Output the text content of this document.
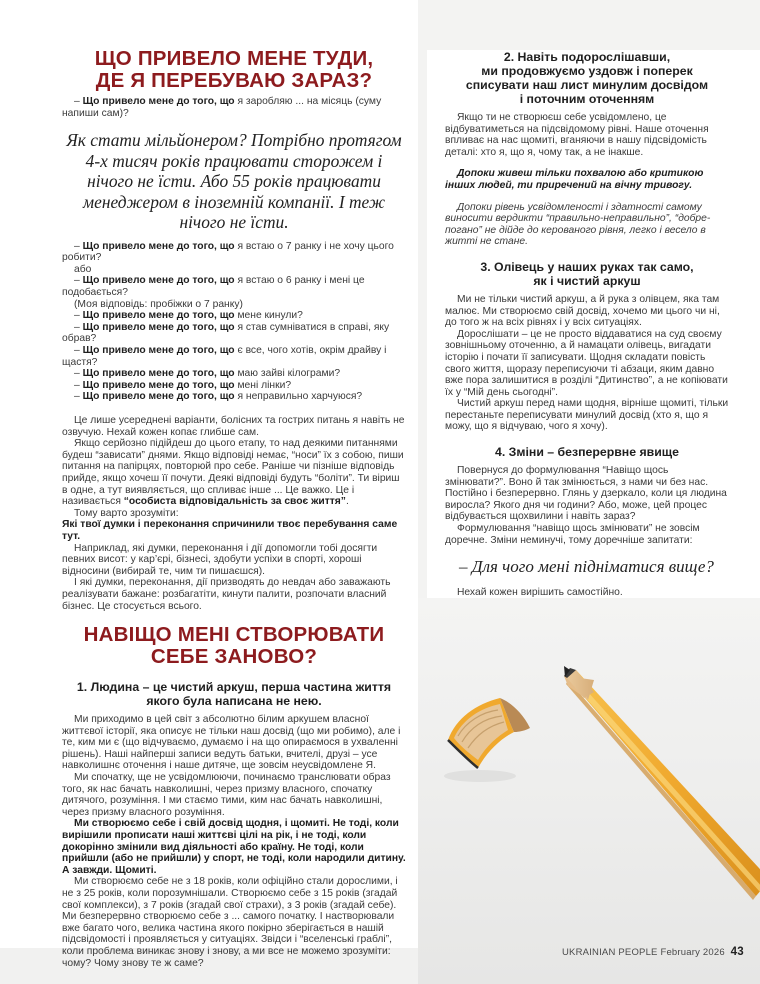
ЩО ПРИВЕЛО МЕНЕ ТУДИ,
ДЕ Я ПЕРЕБУВАЮ ЗАРАЗ?

– Що привело мене до того, що я заробляю ... на місяць (суму напиши сам)?

Як стати мільйонером? Потрібно протягом 4-х тисяч років працювати сторожем і нічого не їсти. Або 55 років працювати менеджером в іноземній компанії. І теж нічого не їсти.

– Що привело мене до того, що я встаю о 7 ранку і не хочу цього робити?

або

– Що привело мене до того, що я встаю о 6 ранку і мені це подобається?

(Моя відповідь: пробіжки о 7 ранку)

– Що привело мене до того, що мене кинули?

– Що привело мене до того, що я став сумніватися в справі, яку обрав?

– Що привело мене до того, що є все, чого хотів, окрім драйву і щастя?

– Що привело мене до того, що маю зайві кілограми?

– Що привело мене до того, що мені лінки?

– Що привело мене до того, що я неправильно харчуюся?

Це лише усереднені варіанти, болісних та гострих питань я навіть не озвучую. Нехай кожен копає глибше сам.

Якщо серйозно підійдеш до цього етапу, то над деякими питаннями будеш “зависати” днями. Якщо відповіді немає, “носи” їх з собою, пиши питання на папірцях, повторюй про себе. Раніше чи пізніше відповідь прийде, якщо хочеш її почути. Деякі відповіді будуть “боліти”. Ти віриш в одне, а тут виявляється, що спливає інше ... Це важко. Це і називається “особиста відповідальність за своє життя”.

Тому варто зрозуміти:

Які твої думки і переконання спричинили твоє перебування саме тут.

Наприклад, які думки, переконання і дії допомогли тобі досягти певних висот: у кар’єрі, бізнесі, здобути успіхи в спорті, хороші відносини (вибирай те, чим ти пишаєшся).

І які думки, переконання, дії призводять до невдач або заважають реалізувати бажане: розбагатіти, кинути палити, розпочати власний бізнес. Це стосується всього.

НАВІЩО МЕНІ СТВОРЮВАТИ
СЕБЕ ЗАНОВО?
1. Людина – це чистий аркуш, перша частина життя
якого була написана не нею.

Ми приходимо в цей світ з абсолютно білим аркушем власної життєвої історії, яка описує не тільки наш досвід (що ми робимо), але і те, ким ми є (що відчуваємо, думаємо і на що опираємося в ухваленні рішень). Наші найперші записи ведуть батьки, вчителі, друзі – усе навколишнє оточення і наше дитяче, ще зовсім неусвідомлене Я.

Ми спочатку, ще не усвідомлюючи, починаємо транслювати образ того, як нас бачать навколишні, через призму власного, спочатку дитячого, розуміння. І ми стаємо тими, ким нас бачать навколишні, через призму власного розуміння.

Ми створюємо себе і свій досвід щодня, і щомиті. Не тоді, коли вирішили прописати наші життєві цілі на рік, і не тоді, коли докорінно змінили вид діяльності або країну. Не тоді, коли прийшли (або не прийшли) у спорт, не тоді, коли народили дитину. А завжди. Щомиті.

Ми створюємо себе не з 18 років, коли офіційно стали дорослими, і не з 25 років, коли порозумнішали. Створюємо себе з 15 років (згадай свої комплекси), з 7 років (згадай свої страхи), з 3 років (згадай себе). Ми безперервно створюємо себе з ... самого початку. І настворювали вже багато чого, велика частина якого покірно зберігається в нашій підсвідомості і проявляється у ситуаціях. Звідси і “вселенські граблі”, коли проблема виникає знову і знову, а ми все не можемо зрозуміти: чому? Чому знову те ж саме?

2. Навіть подорослішавши,
ми продовжуємо уздовж і поперек
списувати наш лист минулим досвідом
і поточним оточенням

Якщо ти не створюєш себе усвідомлено, це відбуватиметься на підсвідомому рівні. Наше оточення впливає на нас щомиті, вганяючи в нашу підсвідомість деталі: хто я, що я, чому так, а не інакше.

Допоки живеш тільки похвалою або критикою інших людей, ти приречений на вічну тривогу.

Допоки рівень усвідомленості і здатності самому виносити вердикти “правильно-неправильно”, “добре-погано” не дійде до керованого рівня, легко і весело в житті не стане.

3. Олівець у наших руках так само,
як і чистий аркуш

Ми не тільки чистий аркуш, а й рука з олівцем, яка там малює. Ми створюємо свій досвід, хочемо ми цього чи ні, до того ж на всіх рівнях і у всіх ситуаціях.

Дорослішати – це не просто віддаватися на суд своєму зовнішньому оточенню, а й намацати олівець, вигадати історію і почати її записувати. Щодня складати повість свого життя, щоразу переписуючи ті абзаци, яким давно вже пора залишитися в розділі “Дитинство”, а не копіювати їх у “Мій день сьогодні”.

Чистий аркуш перед нами щодня, вірніше щомиті, тільки перестаньте переписувати минулий досвід (хто я, що я можу, що я відчуваю, чого я хочу).

4. Зміни – безперервне явище

Повернуся до формулювання “Навіщо щось змінювати?”. Воно й так змінюється, з нами чи без нас. Постійно і безперервно. Глянь у дзеркало, коли ця людина виросла? Якого дня чи години? Або, може, цей процес відбувається щохвилини і навіть зараз?

Формулювання “навіщо щось змінювати” не зовсім доречне. Зміни неминучі, тому доречніше запитати:

– Для чого мені підніматися вище?

Нехай кожен вирішить самостійно.

UKRAINIAN PEOPLE February 2026 43
